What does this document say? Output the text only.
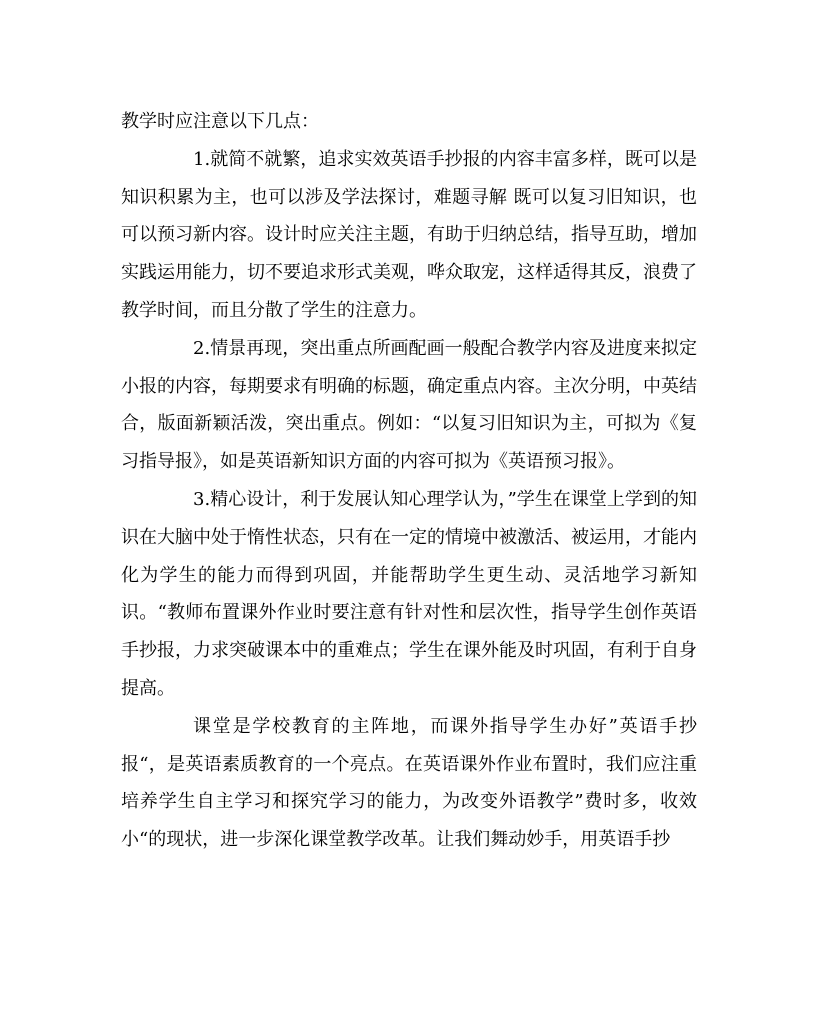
教学时应注意以下几点：

1.就简不就繁，追求实效英语手抄报的内容丰富多样，既可以是知识积累为主，也可以涉及学法探讨，难题寻解 既可以复习旧知识，也可以预习新内容。设计时应关注主题，有助于归纳总结，指导互助，增加实践运用能力，切不要追求形式美观，哗众取宠，这样适得其反，浪费了教学时间，而且分散了学生的注意力。

2.情景再现，突出重点所画配画一般配合教学内容及进度来拟定小报的内容，每期要求有明确的标题，确定重点内容。主次分明，中英结合，版面新颖活泼，突出重点。例如：“以复习旧知识为主，可拟为《复习指导报》，如是英语新知识方面的内容可拟为《英语预习报》。

3.精心设计，利于发展认知心理学认为，”学生在课堂上学到的知识在大脑中处于惰性状态，只有在一定的情境中被激活、被运用，才能内化为学生的能力而得到巩固，并能帮助学生更生动、灵活地学习新知识。“教师布置课外作业时要注意有针对性和层次性，指导学生创作英语手抄报，力求突破课本中的重难点；学生在课外能及时巩固，有利于自身提高。

课堂是学校教育的主阵地，而课外指导学生办好”英语手抄报“，是英语素质教育的一个亮点。在英语课外作业布置时，我们应注重培养学生自主学习和探究学习的能力，为改变外语教学”费时多，收效小“的现状，进一步深化课堂教学改革。让我们舞动妙手，用英语手抄
